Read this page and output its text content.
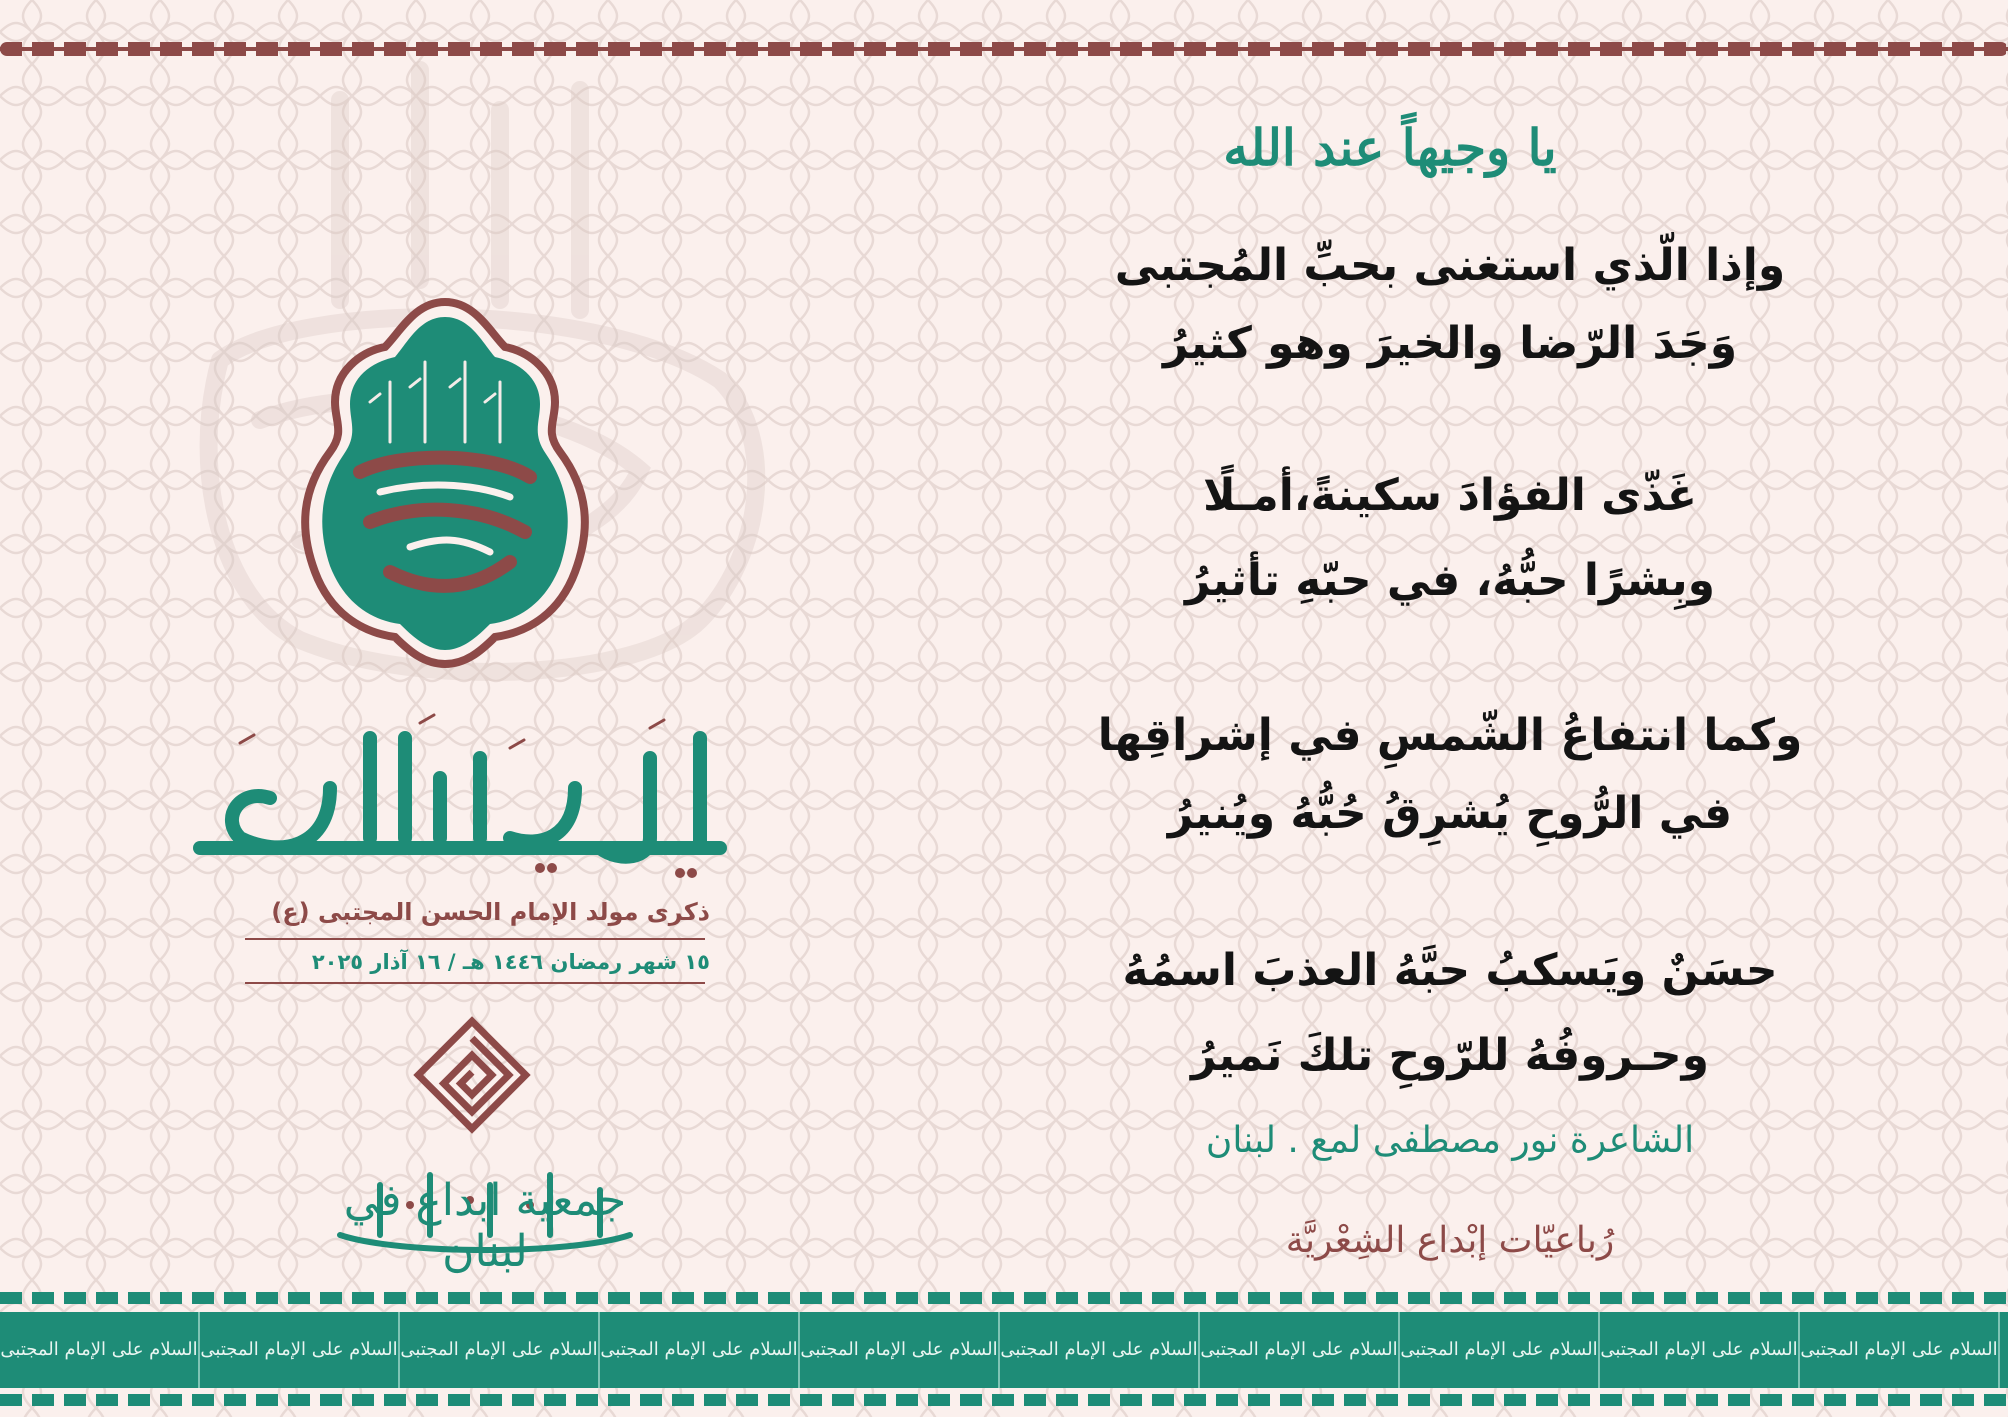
ذكرى مولد الإمام الحسن المجتبى (ع)
١٥ شهر رمضان ١٤٤٦ هـ / ١٦ آذار ٢٠٢٥
جمعية ابداع في لبنان
يا وجيهاً عند الله
وإذا الّذي استغنى بحبِّ المُجتبى
وَجَدَ الرّضا والخيرَ وهو كثيرُ
غَذّى الفؤادَ سكينةً،أمـلًا
وبِشرًا حبُّهُ، في حبّهِ تأثيرُ
وكما انتفاعُ الشّمسِ في إشراقِها
في الرُّوحِ يُشرِقُ حُبُّهُ ويُنيرُ
حسَنٌ ويَسكبُ حبَّهُ العذبَ اسمُهُ
وحـروفُهُ للرّوحِ تلكَ نَميرُ
الشاعرة نور مصطفى لمع . لبنان
رُباعيّات إبْداع الشِعْريَّة
السلام على الإمام المجتبى السلام على الإمام المجتبى السلام على الإمام المجتبى السلام على الإمام المجتبى السلام على الإمام المجتبى السلام على الإمام المجتبى السلام على الإمام المجتبى السلام على الإمام المجتبى السلام على الإمام المجتبى السلام على الإمام المجتبى
